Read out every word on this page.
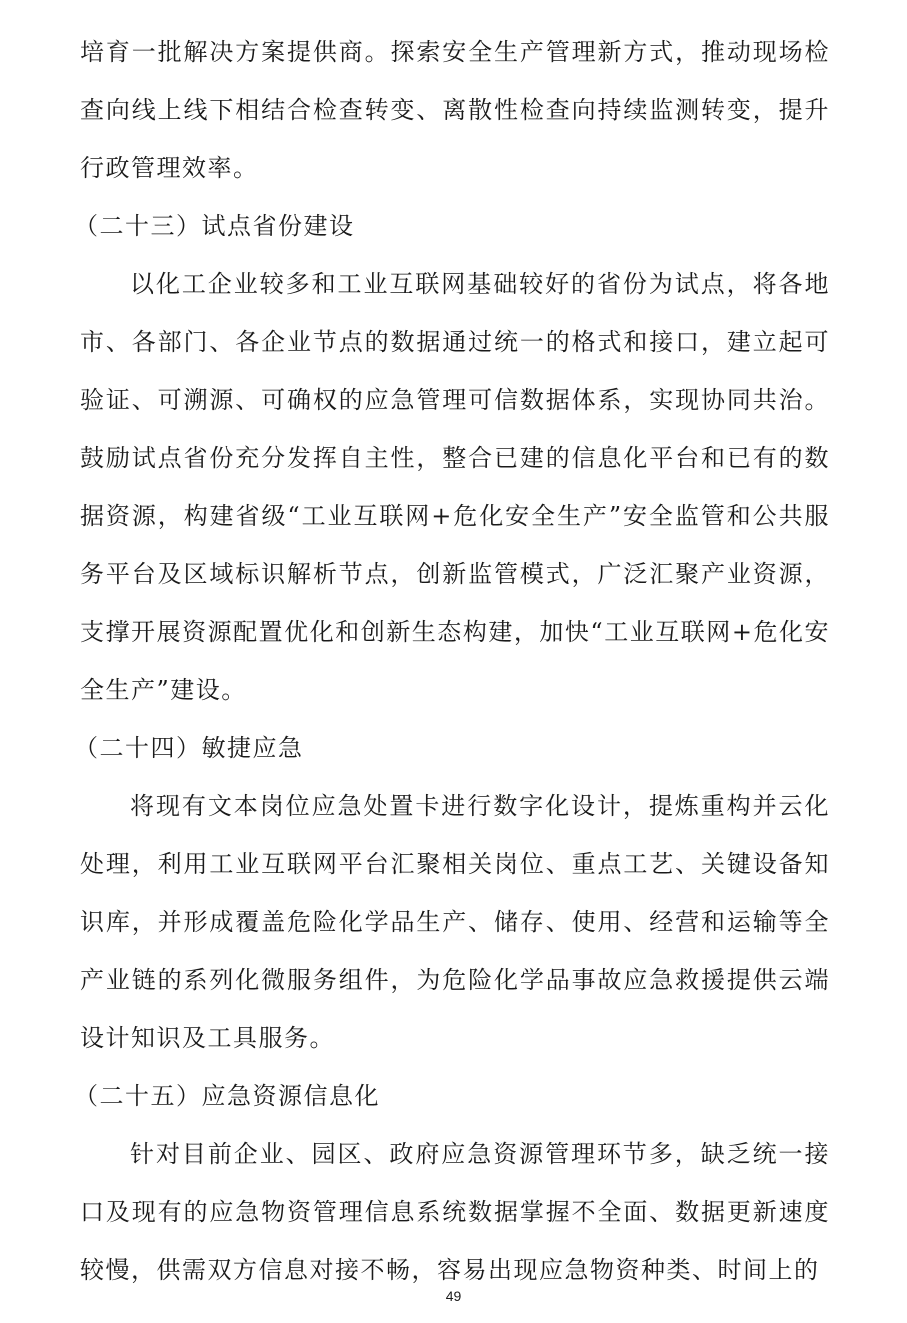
培育一批解决方案提供商。探索安全生产管理新方式，推动现场检查向线上线下相结合检查转变、离散性检查向持续监测转变，提升行政管理效率。

（二十三）试点省份建设

以化工企业较多和工业互联网基础较好的省份为试点，将各地市、各部门、各企业节点的数据通过统一的格式和接口，建立起可验证、可溯源、可确权的应急管理可信数据体系，实现协同共治。鼓励试点省份充分发挥自主性，整合已建的信息化平台和已有的数据资源，构建省级“工业互联网+危化安全生产”安全监管和公共服务平台及区域标识解析节点，创新监管模式，广泛汇聚产业资源，支撑开展资源配置优化和创新生态构建，加快“工业互联网+危化安全生产”建设。

（二十四）敏捷应急

将现有文本岗位应急处置卡进行数字化设计，提炼重构并云化处理，利用工业互联网平台汇聚相关岗位、重点工艺、关键设备知识库，并形成覆盖危险化学品生产、储存、使用、经营和运输等全产业链的系列化微服务组件，为危险化学品事故应急救援提供云端设计知识及工具服务。

（二十五）应急资源信息化

针对目前企业、园区、政府应急资源管理环节多，缺乏统一接口及现有的应急物资管理信息系统数据掌握不全面、数据更新速度较慢，供需双方信息对接不畅，容易出现应急物资种类、时间上的

49
